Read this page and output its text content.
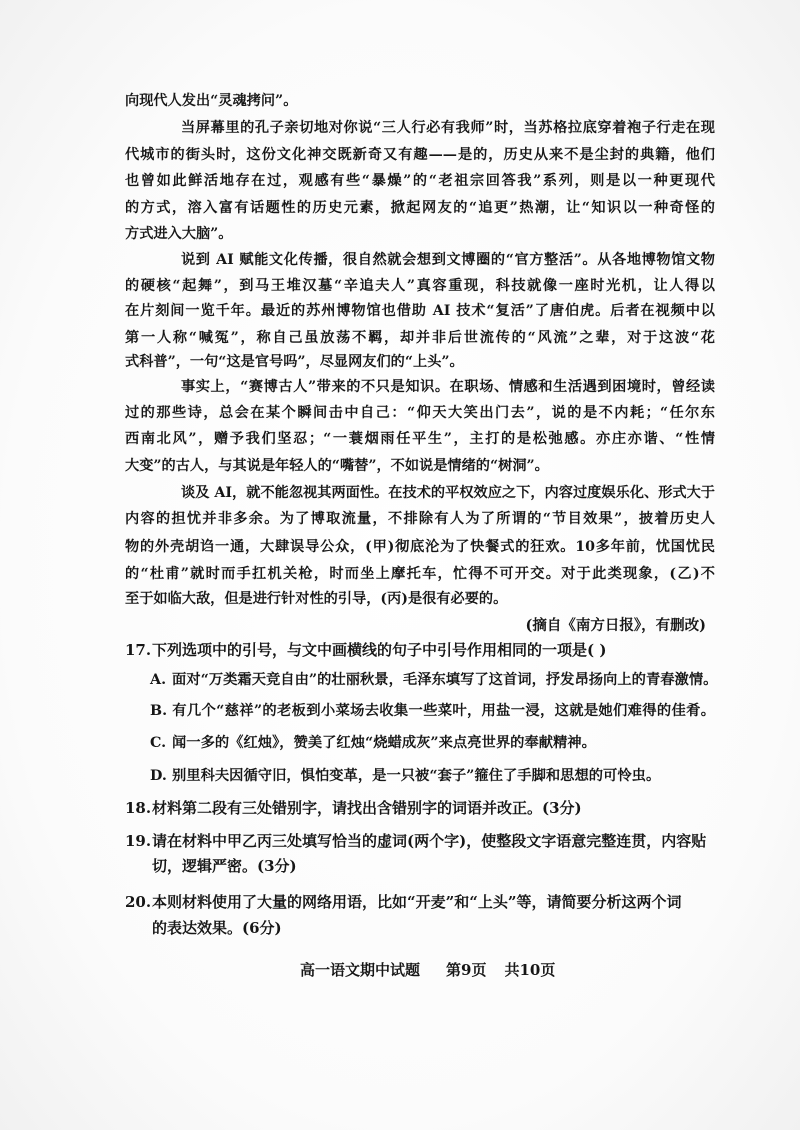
向现代人发出“灵魂拷问”。
当屏幕里的孔子亲切地对你说“三人行必有我师”时，当苏格拉底穿着袍子行走在现
代城市的街头时，这份文化神交既新奇又有趣——是的，历史从来不是尘封的典籍，他们
也曾如此鲜活地存在过，观感有些“暴燥”的“老祖宗回答我”系列，则是以一种更现代
的方式，溶入富有话题性的历史元素，掀起网友的“追更”热潮，让“知识以一种奇怪的
方式进入大脑”。
说到 AI 赋能文化传播，很自然就会想到文博圈的“官方整活”。从各地博物馆文物
的硬核“起舞”，到马王堆汉墓“辛追夫人”真容重现，科技就像一座时光机，让人得以
在片刻间一览千年。最近的苏州博物馆也借助 AI 技术“复活”了唐伯虎。后者在视频中以
第一人称“喊冤”，称自己虽放荡不羁，却并非后世流传的“风流”之辈，对于这波“花
式科普”，一句“这是官号吗”，尽显网友们的“上头”。
事实上，“赛博古人”带来的不只是知识。在职场、情感和生活遇到困境时，曾经读
过的那些诗，总会在某个瞬间击中自己：“仰天大笑出门去”，说的是不内耗；“任尔东
西南北风”，赠予我们坚忍；“一蓑烟雨任平生”，主打的是松弛感。亦庄亦谐、“性情
大变”的古人，与其说是年轻人的“嘴替”，不如说是情绪的“树洞”。
谈及 AI，就不能忽视其两面性。在技术的平权效应之下，内容过度娱乐化、形式大于
内容的担忧并非多余。为了博取流量，不排除有人为了所谓的“节目效果”，披着历史人
物的外壳胡诌一通，大肆误导公众，(甲)彻底沦为了快餐式的狂欢。10多年前，忧国忧民
的“杜甫”就时而手扛机关枪，时而坐上摩托车，忙得不可开交。对于此类现象，(乙)不
至于如临大敌，但是进行针对性的引导，(丙)是很有必要的。
(摘自《南方日报》，有删改)
17.下列选项中的引号，与文中画横线的句子中引号作用相同的一项是( )
A. 面对“万类霜天竞自由”的壮丽秋景，毛泽东填写了这首词，抒发昂扬向上的青春激情。
B. 有几个“慈祥”的老板到小菜场去收集一些菜叶，用盐一浸，这就是她们难得的佳肴。
C. 闻一多的《红烛》，赞美了红烛“烧蜡成灰”来点亮世界的奉献精神。
D. 别里科夫因循守旧，惧怕变革，是一只被“套子”箍住了手脚和思想的可怜虫。
18.材料第二段有三处错别字，请找出含错别字的词语并改正。(3分)
19.请在材料中甲乙丙三处填写恰当的虚词(两个字)，使整段文字语意完整连贯，内容贴
切，逻辑严密。(3分)
20.本则材料使用了大量的网络用语，比如“开麦”和“上头”等，请简要分析这两个词
的表达效果。(6分)
高一语文期中试题 第9页 共10页
